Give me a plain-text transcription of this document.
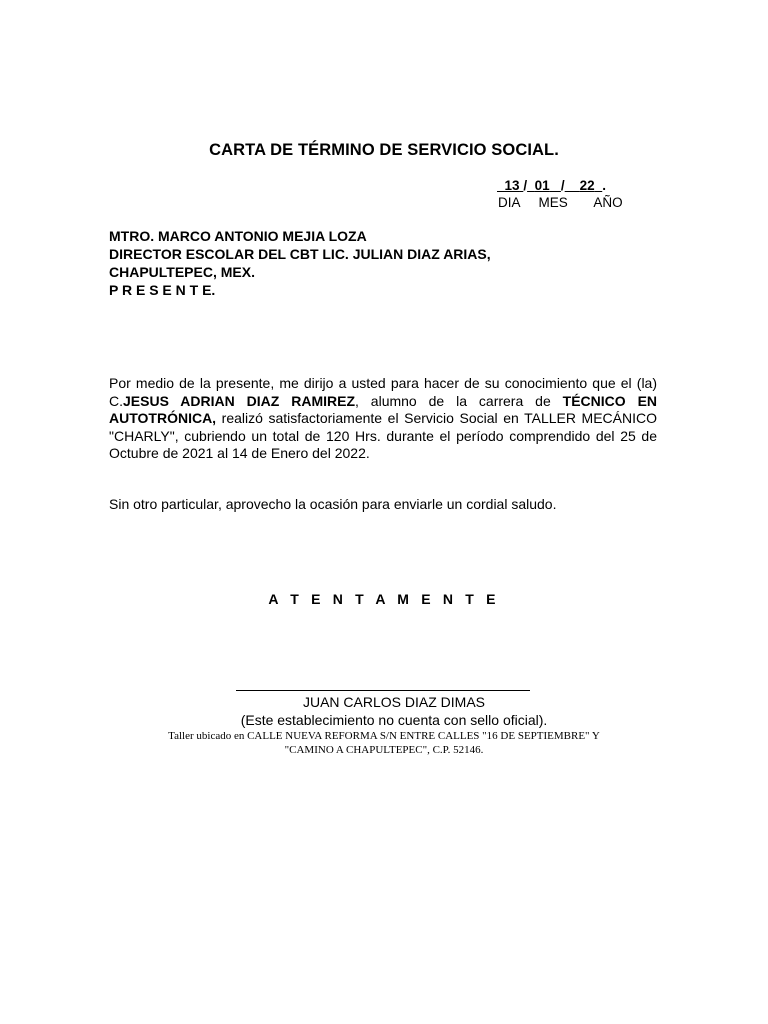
CARTA DE TÉRMINO DE SERVICIO SOCIAL.
13 / 01 / 22 .
DIA MES AÑO
MTRO. MARCO ANTONIO MEJIA LOZA
DIRECTOR ESCOLAR DEL CBT LIC. JULIAN DIAZ ARIAS,
CHAPULTEPEC, MEX.
P R E S E N T E.
Por medio de la presente, me dirijo a usted para hacer de su conocimiento que el (la) C.JESUS ADRIAN DIAZ RAMIREZ, alumno de la carrera de TÉCNICO EN AUTOTRÓNICA, realizó satisfactoriamente el Servicio Social en TALLER MECÁNICO "CHARLY", cubriendo un total de 120 Hrs. durante el período comprendido del 25 de Octubre de 2021 al 14 de Enero del 2022.
Sin otro particular, aprovecho la ocasión para enviarle un cordial saludo.
A T E N T A M E N T E
JUAN CARLOS DIAZ DIMAS
(Este establecimiento no cuenta con sello oficial).
Taller ubicado en CALLE NUEVA REFORMA S/N ENTRE CALLES "16 DE SEPTIEMBRE" Y
"CAMINO A CHAPULTEPEC", C.P. 52146.
